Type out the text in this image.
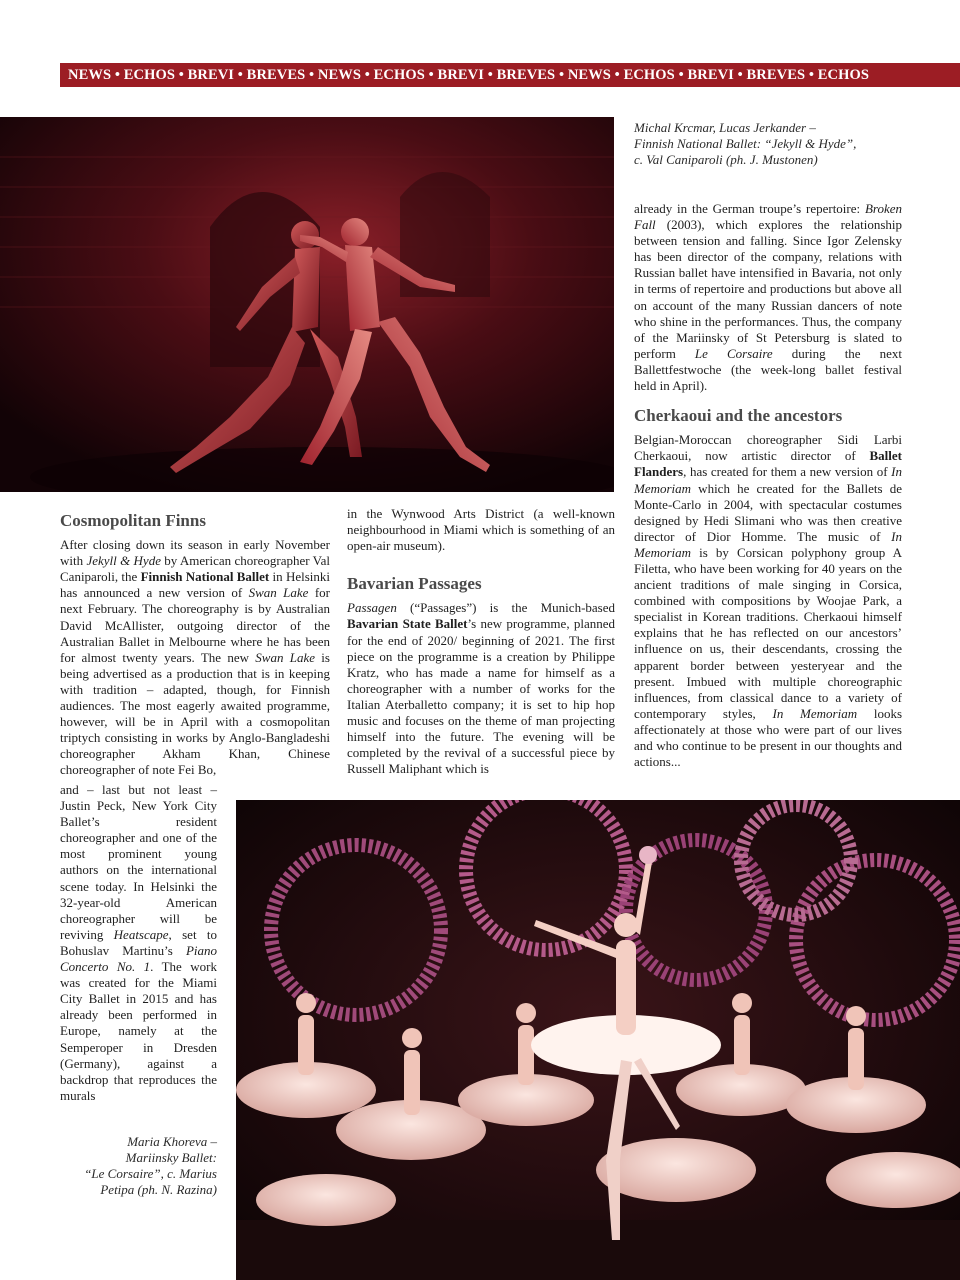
NEWS • ECHOS • BREVI • BREVES • NEWS • ECHOS • BREVI • BREVES • NEWS • ECHOS • BREVI • BREVES • ECHOS
Michal Krcmar, Lucas Jerkander –
Finnish National Ballet: “Jekyll & Hyde”,
c. Val Caniparoli (ph. J. Mustonen)

already in the German troupe’s repertoire: Broken Fall (2003), which explores the relationship between tension and falling. Since Igor Zelensky has been director of the company, relations with Russian ballet have intensified in Bavaria, not only in terms of repertoire and productions but above all on account of the many Russian dancers of note who shine in the performances. Thus, the company of the Mariinsky of St Petersburg is slated to perform Le Corsaire during the next Ballettfestwoche (the week-long ballet festival held in April).

Cherkaoui and the ancestors

Belgian-Moroccan choreographer Sidi Larbi Cherkaoui, now artistic director of Ballet Flanders, has created for them a new version of In Memoriam which he created for the Ballets de Monte-Carlo in 2004, with spectacular costumes designed by Hedi Slimani who was then creative director of Dior Homme. The music of In Memoriam is by Corsican polyphony group A Filetta, who have been working for 40 years on the ancient traditions of male singing in Corsica, combined with compositions by Woojae Park, a specialist in Korean traditions. Cherkaoui himself explains that he has reflected on our ancestors’ influence on us, their descendants, crossing the apparent border between yesteryear and the present. Imbued with multiple choreographic influences, from classical dance to a variety of contemporary styles, In Memoriam looks affectionately at those who were part of our lives and who continue to be present in our thoughts and actions...

Cosmopolitan Finns

After closing down its season in early November with Jekyll & Hyde by American choreographer Val Caniparoli, the Finnish National Ballet in Helsinki has announced a new version of Swan Lake for next February. The choreography is by Australian David McAllister, outgoing director of the Australian Ballet in Melbourne where he has been for almost twenty years. The new Swan Lake is being advertised as a production that is in keeping with tradition – adapted, though, for Finnish audiences. The most eagerly awaited programme, however, will be in April with a cosmopolitan triptych consisting in works by Anglo-Bangladeshi choreographer Akham Khan, Chinese choreographer of note Fei Bo,

and – last but not least – Justin Peck, New York City Ballet’s resident choreographer and one of the most prominent young authors on the international scene today. In Helsinki the 32-year-old American choreographer will be reviving Heatscape, set to Bohuslav Martinu’s Piano Concerto No. 1. The work was created for the Miami City Ballet in 2015 and has already been performed in Europe, namely at the Semperoper in Dresden (Germany), against a backdrop that reproduces the murals

in the Wynwood Arts District (a well-known neighbourhood in Miami which is something of an open-air museum).

Bavarian Passages

Passagen (“Passages”) is the Munich-based Bavarian State Ballet’s new programme, planned for the end of 2020/ beginning of 2021. The first piece on the programme is a creation by Philippe Kratz, who has made a name for himself as a choreographer with a number of works for the Italian Aterballetto company; it is set to hip hop music and focuses on the theme of man projecting himself into the future. The evening will be completed by the revival of a successful piece by Russell Maliphant which is

Maria Khoreva –
Mariinsky Ballet:
“Le Corsaire”, c. Marius
Petipa (ph. N. Razina)
